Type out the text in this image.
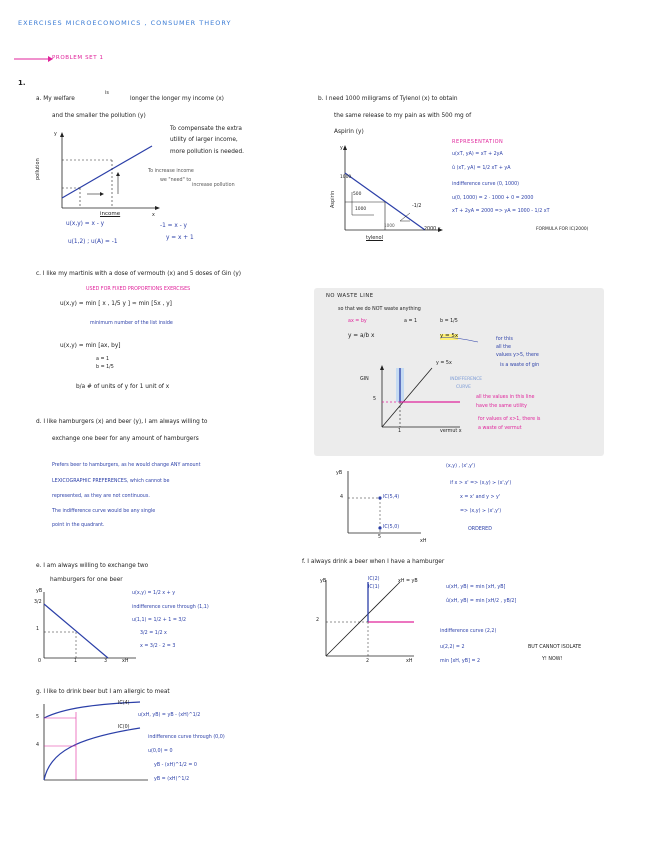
EXERCISES MICROECONOMICS , CONSUMER THEORY
PROBLEM SET 1
1.
a. My welfare
is
longer the longer my income (x)
and the smaller the pollution (y)
y
pollution
income	x
To compensate the extra
utility of larger income,
more pollution is needed.
To increase income
we "need" to
increase pollution
u(x,y) = x - y
u(1,2) ; u(A) = -1
-1 = x - y
y = x + 1
b. I need 1000 miligrams of Tylenol (x) to obtain
the same release to my pain as with 500 mg of
Aspirin (y)
y
Aspirin
1000
500
1000
1000
2000 x
-1/2
tylenol
REPRESENTATION
u(xT, yA) = xT + 2yA
û (xT, yA) = 1/2 xT + yA
indifference curve (0, 1000)
u(0, 1000) = 2 · 1000 + 0 = 2000
xT + 2yA = 2000 => yA = 1000 - 1/2 xT
FORMULA FOR IC(2000)
c. I like my martinis with a dose of vermouth (x) and 5 doses of Gin (y)
USED FOR FIXED PROPORTIONS EXERCISES
u(x,y) = min [ x , 1/5 y ] ≈ min [5x , y]
minimum number of the list inside
u(x,y) = min [ax, by]
a = 1
b = 1/5
b/a # of units of y for 1 unit of x
NO WASTE LINE
so that we do NOT waste anything
ax = by	a = 1	b = 1/5
y = a/b x	y = 5x
for this
all the
values y>5, there
is a waste of gin
y = 5x
GIN	INDIFFERENCE
CURVE
5
1	vermut x
all the values in this line
have the same utility
for values of x>1, there is
a waste of vermut
d. I like hamburgers (x) and beer (y), I am always willing to
exchange one beer for any amount of hamburgers
Prefers beer to hamburgers, as he would change ANY amount
LEXICOGRAPHIC PREFERENCES, which cannot be
represented, as they are not continuous.
The indifference curve would be any single
point in the quadrant.
yB
IC(5,4)
IC(5,0)
4
5
xH
(x,y) , (x',y')
if x > x' => (x,y) ≻ (x',y')
x = x' and y > y'
=> (x,y) ≻ (x',y')
ORDERED
e. I am always willing to exchange two
hamburgers for one beer
yB
3/2
1
0	1	3	xH
u(x,y) = 1/2 x + y
indifference curve through (1,1)
u(1,1) = 1/2 + 1 = 3/2
3/2 = 1/2 x
x = 3/2 · 2 = 3
f. I always drink a beer when I have a hamburger
yB	IC(2)
IC(1)
xH = yB
2
2	xH
u(xH, yB) = min [xH, yB]
û(xH, yB) = min [xH/2 , yB/2]
indifference curve (2,2)
u(2,2) = 2
min [xH, yB] = 2
BUT CANNOT ISOLATE
Y! NOW!
g. I like to drink beer but I am allergic to meat
IC(4)
IC(0)
5
4
u(xH, yB) = yB - (xH)^1/2
indifference curve through (0,0)
u(0,0) = 0
yB - (xH)^1/2 = 0
yB = (xH)^1/2
